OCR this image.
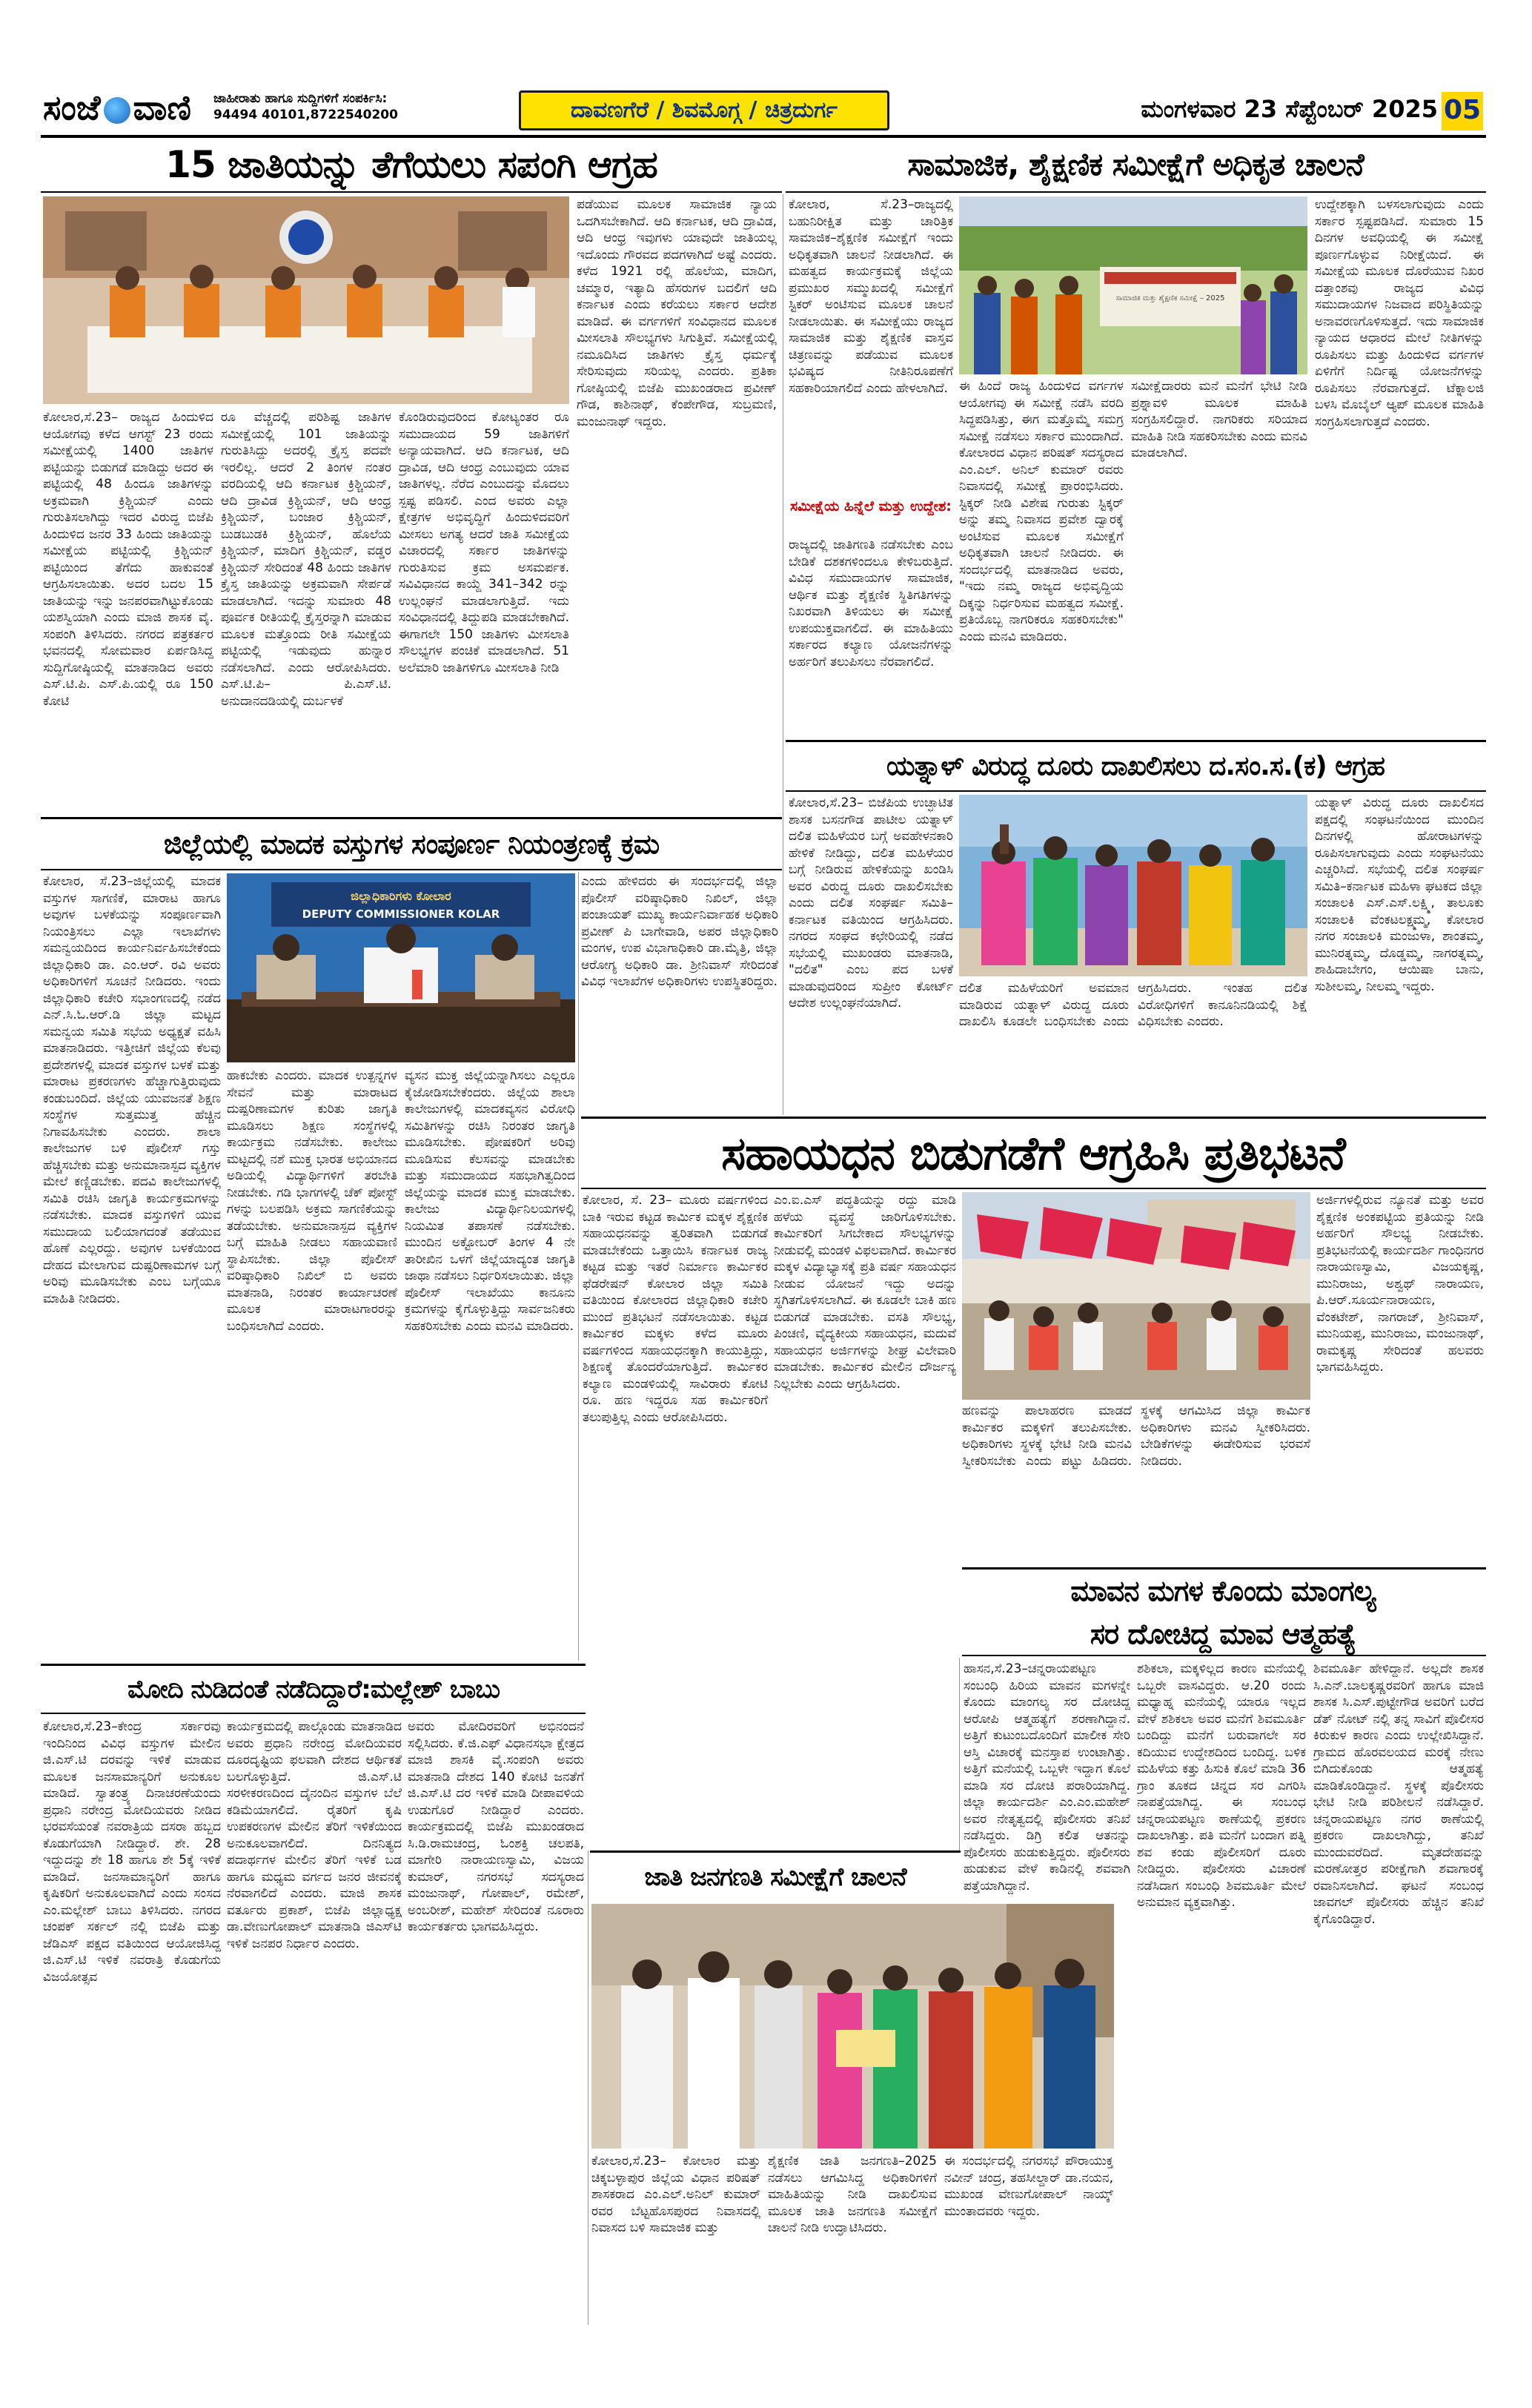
ಸಂಜೆ ವಾಣಿ	ಜಾಹೀರಾತು ಹಾಗೂ ಸುದ್ದಿಗಳಿಗೆ ಸಂಪರ್ಕಿಸಿ:
94494 40101,8722540200	ದಾವಣಗೆರೆ / ಶಿವಮೊಗ್ಗ / ಚಿತ್ರದುರ್ಗ	ಮಂಗಳವಾರ 23 ಸೆಪ್ಟೆಂಬರ್ 2025 05
15 ಜಾತಿಯನ್ನು ತೆಗೆಯಲು ಸಪಂಗಿ ಆಗ್ರಹ
ಕೋಲಾರ,ಸೆ.23– ರಾಜ್ಯದ ಹಿಂದುಳಿದ ಆಯೋಗವು ಕಳೆದ ಆಗಸ್ಟ್ 23 ರಂದು ಸಮೀಕ್ಷೆಯಲ್ಲಿ 1400 ಜಾತಿಗಳ ಪಟ್ಟಿಯನ್ನು ಬಿಡುಗಡೆ ಮಾಡಿದ್ದು ಅದರ ಈ ಪಟ್ಟಿಯಲ್ಲಿ 48 ಹಿಂದೂ ಜಾತಿಗಳನ್ನು ಅಕ್ರಮವಾಗಿ ಕ್ರಿಶ್ಚಿಯನ್ ಎಂದು ಗುರುತಿಸಲಾಗಿದ್ದು ಇದರ ವಿರುದ್ಧ ಬಿಜೆಪಿ ಹಿಂದುಳಿದ ಜನರ 33 ಹಿಂದು ಜಾತಿಯನ್ನು ಸಮೀಕ್ಷೆಯ ಪಟ್ಟಿಯಲ್ಲಿ ಕ್ರಿಶ್ಚಿಯನ್ ಪಟ್ಟಿಯಿಂದ ತೆಗೆದು ಹಾಕುವಂತೆ ಆಗ್ರಹಿಸಲಾಯಿತು. ಅದರ ಬದಲ 15 ಜಾತಿಯನ್ನು ಇನ್ನು ಜನಪರವಾಗಿಟ್ಟುಕೊಂಡು ಯಶಸ್ವಿಯಾಗಿ ಎಂದು ಮಾಜಿ ಶಾಸಕ ವೈ. ಸಂಪಂಗಿ ತಿಳಿಸಿದರು. ನಗರದ ಪತ್ರಕರ್ತರ ಭವನದಲ್ಲಿ ಸೋಮವಾರ ಏರ್ಪಡಿಸಿದ್ದ ಸುದ್ದಿಗೋಷ್ಠಿಯಲ್ಲಿ ಮಾತನಾಡಿದ ಅವರು ಎಸ್.ಟಿ.ಪಿ. ಎಸ್.ಪಿ.ಯಲ್ಲಿ ರೂ 150 ಕೋಟಿ
ರೂ ವೆಚ್ಚದಲ್ಲಿ ಪರಿಶಿಷ್ಟ ಜಾತಿಗಳ ಸಮೀಕ್ಷೆಯಲ್ಲಿ 101 ಜಾತಿಯನ್ನು ಗುರುತಿಸಿದ್ದು ಅದರಲ್ಲಿ ಕ್ರೈಸ್ತ ಪದವೇ ಇರಲಿಲ್ಲ. ಆದರೆ 2 ತಿಂಗಳ ನಂತರ ವರದಿಯಲ್ಲಿ ಆದಿ ಕರ್ನಾಟಕ ಕ್ರಿಶ್ಚಿಯನ್, ಆದಿ ದ್ರಾವಿಡ ಕ್ರಿಶ್ಚಿಯನ್, ಆದಿ ಆಂಧ್ರ ಕ್ರಿಶ್ಚಿಯನ್, ಬಂಜಾರ ಕ್ರಿಶ್ಚಿಯನ್, ಬುಡಬುಡಕಿ ಕ್ರಿಶ್ಚಿಯನ್, ಹೊಲೆಯ ಕ್ರಿಶ್ಚಿಯನ್, ಮಾದಿಗ ಕ್ರಿಶ್ಚಿಯನ್, ವಡ್ಡರ ಕ್ರಿಶ್ಚಿಯನ್ ಸೇರಿದಂತೆ 48 ಹಿಂದು ಜಾತಿಗಳ ಕ್ರೈಸ್ತ ಜಾತಿಯನ್ನು ಅಕ್ರಮವಾಗಿ ಸೇರ್ಪಡೆ ಮಾಡಲಾಗಿದೆ. ಇದನ್ನು ಸುಮಾರು 48 ಪೂರ್ವಕ ರೀತಿಯಲ್ಲಿ ಕ್ರೈಸ್ತರನ್ನಾಗಿ ಮಾಡುವ ಮೂಲಕ ಮತ್ತೊಂದು ರೀತಿ ಸಮೀಕ್ಷೆಯ ಪಟ್ಟಿಯಲ್ಲಿ ಇಡುವುದು ಹುನ್ನಾರ ನಡೆಸಲಾಗಿದೆ. ಎಂದು ಆರೋಪಿಸಿದರು. ಎಸ್.ಟಿ.ಪಿ– ಪಿ.ಎಸ್.ಟಿ. ಅನುದಾನದಡಿಯಲ್ಲಿ ದುರ್ಬಳಕೆ
ಕೊಂಡಿರುವುದರಿಂದ ಕೋಟ್ಯಂತರ ರೂ ಸಮುದಾಯದ 59 ಜಾತಿಗಳಿಗೆ ಅನ್ಯಾಯವಾಗಿದೆ. ಆದಿ ಕರ್ನಾಟಕ, ಆದಿ ದ್ರಾವಿಡ, ಆದಿ ಆಂಧ್ರ ಎಂಬುವುದು ಯಾವ ಜಾತಿಗಳಲ್ಲ. ನೆರೆದ ಎಂಬುದನ್ನು ಮೊದಲು ಸ್ಪಷ್ಟ ಪಡಿಸಲಿ. ಎಂದ ಅವರು ಎಲ್ಲಾ ಕ್ಷೇತ್ರಗಳ ಅಭಿವೃದ್ಧಿಗೆ ಹಿಂದುಳಿದವರಿಗೆ ಮೀಸಲು ಅಗತ್ಯ ಆದರೆ ಜಾತಿ ಸಮೀಕ್ಷೆಯ ವಿಚಾರದಲ್ಲಿ ಸರ್ಕಾರ ಜಾತಿಗಳನ್ನು ಗುರುತಿಸುವ ಕ್ರಮ ಅಸಮರ್ಪಕ. ಸವಿವಿಧಾನದ ಕಾಯ್ದೆ 341–342 ರನ್ನು ಉಲ್ಲಂಘನೆ ಮಾಡಲಾಗುತ್ತಿದೆ. ಇದು ಸಂವಿಧಾನದಲ್ಲಿ ತಿದ್ದುಪಡಿ ಮಾಡಬೇಕಾಗಿದೆ. ಈಗಾಗಲೇ 150 ಜಾತಿಗಳು ಮೀಸಲಾತಿ ಸೌಲಭ್ಯಗಳ ಪಂಚಿಕೆ ಮಾಡಲಾಗಿದೆ. 51 ಅಲೆಮಾರಿ ಜಾತಿಗಳಿಗೂ ಮೀಸಲಾತಿ ನೀಡಿ
ಪಡೆಯುವ ಮೂಲಕ ಸಾಮಾಜಿಕ ನ್ಯಾಯ ಒದಗಿಸಬೇಕಾಗಿದೆ. ಆದಿ ಕರ್ನಾಟಕ, ಆದಿ ದ್ರಾವಿಡ, ಆದಿ ಆಂಧ್ರ ಇವುಗಳು ಯಾವುದೇ ಜಾತಿಯಲ್ಲ ಇದೊಂದು ಗೌರವದ ಪದಗಳಾಗಿದೆ ಅಷ್ಟೆ ಎಂದರು. ಕಳೆದ 1921 ರಲ್ಲಿ ಹೊಲೆಯ, ಮಾದಿಗ, ಚಮ್ಮಾರ, ಇತ್ಯಾದಿ ಹೆಸರುಗಳ ಬದಲಿಗೆ ಆದಿ ಕರ್ನಾಟಕ ಎಂದು ಕರೆಯಲು ಸರ್ಕಾರ ಆದೇಶ ಮಾಡಿದೆ. ಈ ವರ್ಗಗಳಿಗೆ ಸಂವಿಧಾನದ ಮೂಲಕ ಮೀಸಲಾತಿ ಸೌಲಭ್ಯಗಳು ಸಿಗುತ್ತಿವೆ. ಸಮೀಕ್ಷೆಯಲ್ಲಿ ನಮೂದಿಸಿದ ಜಾತಿಗಳು ಕ್ರೈಸ್ತ ಧರ್ಮಕ್ಕೆ ಸೇರಿಸುವುದು ಸರಿಯಲ್ಲ ಎಂದರು. ಪ್ರತಿಕಾ ಗೋಷ್ಠಿಯಲ್ಲಿ ಬಿಜೆಪಿ ಮುಖಂಡರಾದ ಪ್ರವೀಣ್ ಗೌಡ, ಕಾಶಿನಾಥ್, ಕೆಂಪೇಗೌಡ, ಸುಬ್ರಮಣಿ, ಮಂಜುನಾಥ್ ಇದ್ದರು.
ಸಾಮಾಜಿಕ, ಶೈಕ್ಷಣಿಕ ಸಮೀಕ್ಷೆಗೆ ಅಧಿಕೃತ ಚಾಲನೆ
ಕೋಲಾರ, ಸೆ.23–ರಾಜ್ಯದಲ್ಲಿ ಬಹುನಿರೀಕ್ಷಿತ ಮತ್ತು ಚಾರಿತ್ರಿಕ ಸಾಮಾಜಿಕ–ಶೈಕ್ಷಣಿಕ ಸಮೀಕ್ಷೆಗೆ ಇಂದು ಅಧಿಕೃತವಾಗಿ ಚಾಲನೆ ನೀಡಲಾಗಿದೆ. ಈ ಮಹತ್ವದ ಕಾರ್ಯಕ್ರಮಕ್ಕೆ ಜಿಲ್ಲೆಯ ಪ್ರಮುಖರ ಸಮ್ಮುಖದಲ್ಲಿ ಸಮೀಕ್ಷೆಗೆ ಸ್ಟಿಕರ್ ಅಂಟಿಸುವ ಮೂಲಕ ಚಾಲನೆ ನೀಡಲಾಯಿತು. ಈ ಸಮೀಕ್ಷೆಯು ರಾಜ್ಯದ ಸಾಮಾಜಿಕ ಮತ್ತು ಶೈಕ್ಷಣಿಕ ವಾಸ್ತವ ಚಿತ್ರಣವನ್ನು ಪಡೆಯುವ ಮೂಲಕ ಭವಿಷ್ಯದ ನೀತಿನಿರೂಪಣೆಗೆ ಸಹಕಾರಿಯಾಗಲಿದೆ ಎಂದು ಹೇಳಲಾಗಿದೆ.
ಸಮೀಕ್ಷೆಯ ಹಿನ್ನೆಲೆ ಮತ್ತು ಉದ್ದೇಶ:
ರಾಜ್ಯದಲ್ಲಿ ಜಾತಿಗಣತಿ ನಡೆಸಬೇಕು ಎಂಬ ಬೇಡಿಕೆ ದಶಕಗಳಿಂದಲೂ ಕೇಳಿಬರುತ್ತಿದೆ. ವಿವಿಧ ಸಮುದಾಯಗಳ ಸಾಮಾಜಿಕ, ಆರ್ಥಿಕ ಮತ್ತು ಶೈಕ್ಷಣಿಕ ಸ್ಥಿತಿಗತಿಗಳನ್ನು ನಿಖರವಾಗಿ ತಿಳಿಯಲು ಈ ಸಮೀಕ್ಷೆ ಉಪಯುಕ್ತವಾಗಲಿದೆ. ಈ ಮಾಹಿತಿಯು ಸರ್ಕಾರದ ಕಲ್ಯಾಣ ಯೋಜನೆಗಳನ್ನು ಅರ್ಹರಿಗೆ ತಲುಪಿಸಲು ನೆರವಾಗಲಿದೆ.
ಸಾಮಾಜಿಕ ಮತ್ತು ಶೈಕ್ಷಣಿಕ ಸಮೀಕ್ಷೆ – 2025
ಈ ಹಿಂದೆ ರಾಜ್ಯ ಹಿಂದುಳಿದ ವರ್ಗಗಳ ಆಯೋಗವು ಈ ಸಮೀಕ್ಷೆ ನಡೆಸಿ ವರದಿ ಸಿದ್ಧಪಡಿಸಿತ್ತು, ಈಗ ಮತ್ತೊಮ್ಮೆ ಸಮಗ್ರ ಸಮೀಕ್ಷೆ ನಡೆಸಲು ಸರ್ಕಾರ ಮುಂದಾಗಿದೆ. ಕೋಲಾರದ ವಿಧಾನ ಪರಿಷತ್ ಸದಸ್ಯರಾದ ಎಂ.ಎಲ್. ಅನಿಲ್ ಕುಮಾರ್ ರವರು ನಿವಾಸದಲ್ಲಿ ಸಮೀಕ್ಷೆ ಪ್ರಾರಂಭಿಸಿದರು. ಸ್ಟಿಕ್ಕರ್ ನೀಡಿ ವಿಶೇಷ ಗುರುತು ಸ್ಟಿಕ್ಕರ್ ಅನ್ನು ತಮ್ಮ ನಿವಾಸದ ಪ್ರವೇಶ ದ್ವಾರಕ್ಕೆ ಅಂಟಿಸುವ ಮೂಲಕ ಸಮೀಕ್ಷೆಗೆ ಅಧಿಕೃತವಾಗಿ ಚಾಲನೆ ನೀಡಿದರು. ಈ ಸಂದರ್ಭದಲ್ಲಿ ಮಾತನಾಡಿದ ಅವರು, "ಇದು ನಮ್ಮ ರಾಜ್ಯದ ಅಭಿವೃದ್ಧಿಯ ದಿಕ್ಕನ್ನು ನಿರ್ಧರಿಸುವ ಮಹತ್ವದ ಸಮೀಕ್ಷೆ. ಪ್ರತಿಯೊಬ್ಬ ನಾಗರಿಕರೂ ಸಹಕರಿಸಬೇಕು" ಎಂದು ಮನವಿ ಮಾಡಿದರು.
ಸಮೀಕ್ಷೆದಾರರು ಮನೆ ಮನೆಗೆ ಭೇಟಿ ನೀಡಿ ಪ್ರಶ್ನಾವಳಿ ಮೂಲಕ ಮಾಹಿತಿ ಸಂಗ್ರಹಿಸಲಿದ್ದಾರೆ. ನಾಗರಿಕರು ಸರಿಯಾದ ಮಾಹಿತಿ ನೀಡಿ ಸಹಕರಿಸಬೇಕು ಎಂದು ಮನವಿ ಮಾಡಲಾಗಿದೆ.
ಉದ್ದೇಶಕ್ಕಾಗಿ ಬಳಸಲಾಗುವುದು ಎಂದು ಸರ್ಕಾರ ಸ್ಪಷ್ಟಪಡಿಸಿದೆ. ಸುಮಾರು 15 ದಿನಗಳ ಅವಧಿಯಲ್ಲಿ ಈ ಸಮೀಕ್ಷೆ ಪೂರ್ಣಗೊಳ್ಳುವ ನಿರೀಕ್ಷೆಯಿದೆ. ಈ ಸಮೀಕ್ಷೆಯ ಮೂಲಕ ದೊರೆಯುವ ನಿಖರ ದತ್ತಾಂಶವು ರಾಜ್ಯದ ವಿವಿಧ ಸಮುದಾಯಗಳ ನಿಜವಾದ ಪರಿಸ್ಥಿತಿಯನ್ನು ಅನಾವರಣಗೊಳಿಸುತ್ತದೆ. ಇದು ಸಾಮಾಜಿಕ ನ್ಯಾಯದ ಆಧಾರದ ಮೇಲೆ ನೀತಿಗಳನ್ನು ರೂಪಿಸಲು ಮತ್ತು ಹಿಂದುಳಿದ ವರ್ಗಗಳ ಏಳಿಗೆಗೆ ನಿರ್ದಿಷ್ಟ ಯೋಜನೆಗಳನ್ನು ರೂಪಿಸಲು ನೆರವಾಗುತ್ತದೆ. ಟೆಕ್ನಾಲಜಿ ಬಳಸಿ ಮೊಬೈಲ್ ಆ್ಯಪ್ ಮೂಲಕ ಮಾಹಿತಿ ಸಂಗ್ರಹಿಸಲಾಗುತ್ತದೆ ಎಂದರು.
ಯತ್ನಾಳ್ ವಿರುದ್ಧ ದೂರು ದಾಖಲಿಸಲು ದ.ಸಂ.ಸ.(ಕ) ಆಗ್ರಹ
ಕೋಲಾರ,ಸೆ.23– ಬಿಜೆಪಿಯ ಉಚ್ಛಾಟಿತ ಶಾಸಕ ಬಸನಗೌಡ ಪಾಟೀಲ ಯತ್ನಾಳ್ ದಲಿತ ಮಹಿಳೆಯರ ಬಗ್ಗೆ ಅವಹೇಳನಕಾರಿ ಹೇಳಿಕೆ ನೀಡಿದ್ದು, ದಲಿತ ಮಹಿಳೆಯರ ಬಗ್ಗೆ ನೀಡಿರುವ ಹೇಳಿಕೆಯನ್ನು ಖಂಡಿಸಿ ಅವರ ವಿರುದ್ಧ ದೂರು ದಾಖಲಿಸಬೇಕು ಎಂದು ದಲಿತ ಸಂಘರ್ಷ ಸಮಿತಿ– ಕರ್ನಾಟಕ ವತಿಯಿಂದ ಆಗ್ರಹಿಸಿದರು. ನಗರದ ಸಂಘದ ಕಛೇರಿಯಲ್ಲಿ ನಡೆದ ಸಭೆಯಲ್ಲಿ ಮುಖಂಡರು ಮಾತನಾಡಿ, "ದಲಿತ" ಎಂಬ ಪದ ಬಳಕೆ ಮಾಡುವುದರಿಂದ ಸುಪ್ರೀಂ ಕೋರ್ಟ್ ಆದೇಶ ಉಲ್ಲಂಘನೆಯಾಗಿದೆ.
ದಲಿತ ಮಹಿಳೆಯರಿಗೆ ಅವಮಾನ ಮಾಡಿರುವ ಯತ್ನಾಳ್ ವಿರುದ್ಧ ದೂರು ದಾಖಲಿಸಿ ಕೂಡಲೇ ಬಂಧಿಸಬೇಕು ಎಂದು ಆಗ್ರಹಿಸಿದರು. ಇಂತಹ ದಲಿತ ವಿರೋಧಿಗಳಿಗೆ ಕಾನೂನಿನಡಿಯಲ್ಲಿ ಶಿಕ್ಷೆ ವಿಧಿಸಬೇಕು ಎಂದರು.
ಯತ್ನಾಳ್ ವಿರುದ್ಧ ದೂರು ದಾಖಲಿಸದ ಪಕ್ಷದಲ್ಲಿ ಸಂಘಟನೆಯಿಂದ ಮುಂದಿನ ದಿನಗಳಲ್ಲಿ ಹೋರಾಟಗಳನ್ನು ರೂಪಿಸಲಾಗುವುದು ಎಂದು ಸಂಘಟನೆಯು ಎಚ್ಚರಿಸಿದೆ. ಸಭೆಯಲ್ಲಿ ದಲಿತ ಸಂಘರ್ಷ ಸಮಿತಿ–ಕರ್ನಾಟಕ ಮಹಿಳಾ ಘಟಕದ ಜಿಲ್ಲಾ ಸಂಚಾಲಕಿ ಎಸ್.ಎಸ್.ಲಕ್ಷ್ಮಿ, ತಾಲೂಕು ಸಂಚಾಲಕಿ ವೆಂಕಟಲಕ್ಷ್ಮಮ್ಮ, ಕೋಲಾರ ನಗರ ಸಂಚಾಲಕಿ ಮಂಜುಳಾ, ಶಾಂತಮ್ಮ, ಮುನಿರತ್ನಮ್ಮ, ದೊಡ್ಡಮ್ಮ, ನಾಗರತ್ನಮ್ಮ, ಶಾಹಿದಾಬೇಗಂ, ಆಯಿಷಾ ಬಾನು, ಸುಶೀಲಮ್ಮ, ನೀಲಮ್ಮ ಇದ್ದರು.
ಜಿಲ್ಲೆಯಲ್ಲಿ ಮಾದಕ ವಸ್ತುಗಳ ಸಂಪೂರ್ಣ ನಿಯಂತ್ರಣಕ್ಕೆ ಕ್ರಮ
ಕೋಲಾರ, ಸೆ.23–ಜಿಲ್ಲೆಯಲ್ಲಿ ಮಾದಕ ವಸ್ತುಗಳ ಸಾಗಣಿಕೆ, ಮಾರಾಟ ಹಾಗೂ ಅವುಗಳ ಬಳಕೆಯನ್ನು ಸಂಪೂರ್ಣವಾಗಿ ನಿಯಂತ್ರಿಸಲು ಎಲ್ಲಾ ಇಲಾಖೆಗಳು ಸಮನ್ವಯದಿಂದ ಕಾರ್ಯನಿರ್ವಹಿಸಬೇಕೆಂದು ಜಿಲ್ಲಾಧಿಕಾರಿ ಡಾ. ಎಂ.ಆರ್. ರವಿ ಅವರು ಅಧಿಕಾರಿಗಳಿಗೆ ಸೂಚನೆ ನೀಡಿದರು. ಇಂದು ಜಿಲ್ಲಾಧಿಕಾರಿ ಕಚೇರಿ ಸಭಾಂಗಣದಲ್ಲಿ ನಡೆದ ಎನ್.ಸಿ.ಓ.ಆರ್.ಡಿ ಜಿಲ್ಲಾ ಮಟ್ಟದ ಸಮನ್ವಯ ಸಮಿತಿ ಸಭೆಯ ಅಧ್ಯಕ್ಷತೆ ವಹಿಸಿ ಮಾತನಾಡಿದರು. ಇತ್ತೀಚಿಗೆ ಜಿಲ್ಲೆಯ ಕೆಲವು ಪ್ರದೇಶಗಳಲ್ಲಿ ಮಾದಕ ವಸ್ತುಗಳ ಬಳಕೆ ಮತ್ತು ಮಾರಾಟ ಪ್ರಕರಣಗಳು ಹೆಚ್ಚಾಗುತ್ತಿರುವುದು ಕಂಡುಬಂದಿದೆ. ಜಿಲ್ಲೆಯ ಯುವಜನತೆ ಶಿಕ್ಷಣ ಸಂಸ್ಥೆಗಳ ಸುತ್ತಮುತ್ತ ಹೆಚ್ಚಿನ ನಿಗಾವಹಿಸಬೇಕು ಎಂದರು. ಶಾಲಾ ಕಾಲೇಜುಗಳ ಬಳಿ ಪೊಲೀಸ್ ಗಸ್ತು ಹೆಚ್ಚಿಸಬೇಕು ಮತ್ತು ಅನುಮಾನಾಸ್ಪದ ವ್ಯಕ್ತಿಗಳ ಮೇಲೆ ಕಣ್ಣಿಡಬೇಕು. ಪದವಿ ಕಾಲೇಜುಗಳಲ್ಲಿ ಸಮಿತಿ ರಚಿಸಿ ಜಾಗೃತಿ ಕಾರ್ಯಕ್ರಮಗಳನ್ನು ನಡೆಸಬೇಕು. ಮಾದಕ ವಸ್ತುಗಳಿಗೆ ಯುವ ಸಮುದಾಯ ಬಲಿಯಾಗದಂತೆ ತಡೆಯುವ ಹೊಣೆ ಎಲ್ಲರದ್ದು. ಅವುಗಳ ಬಳಕೆಯಿಂದ ದೇಹದ ಮೇಲಾಗುವ ದುಷ್ಪರಿಣಾಮಗಳ ಬಗ್ಗೆ ಅರಿವು ಮೂಡಿಸಬೇಕು ಎಂಬ ಬಗ್ಗೆಯೂ ಮಾಹಿತಿ ನೀಡಿದರು.
ಜಿಲ್ಲಾಧಿಕಾರಿಗಳು ಕೋಲಾರ
DEPUTY COMMISSIONER KOLAR
ಹಾಕಬೇಕು ಎಂದರು. ಮಾದಕ ಉತ್ಪನ್ನಗಳ ಸೇವನೆ ಮತ್ತು ಮಾರಾಟದ ದುಷ್ಪರಿಣಾಮಗಳ ಕುರಿತು ಜಾಗೃತಿ ಮೂಡಿಸಲು ಶಿಕ್ಷಣ ಸಂಸ್ಥೆಗಳಲ್ಲಿ ಕಾರ್ಯಕ್ರಮ ನಡೆಸಬೇಕು. ಕಾಲೇಜು ಮಟ್ಟದಲ್ಲಿ ನಶೆ ಮುಕ್ತ ಭಾರತ ಅಭಿಯಾನದ ಅಡಿಯಲ್ಲಿ ವಿದ್ಯಾರ್ಥಿಗಳಿಗೆ ತರಬೇತಿ ನೀಡಬೇಕು. ಗಡಿ ಭಾಗಗಳಲ್ಲಿ ಚೆಕ್ ಪೋಸ್ಟ್ ಗಳನ್ನು ಬಲಪಡಿಸಿ ಅಕ್ರಮ ಸಾಗಣಿಕೆಯನ್ನು ತಡೆಯಬೇಕು. ಅನುಮಾನಾಸ್ಪದ ವ್ಯಕ್ತಿಗಳ ಬಗ್ಗೆ ಮಾಹಿತಿ ನೀಡಲು ಸಹಾಯವಾಣಿ ಸ್ಥಾಪಿಸಬೇಕು. ಜಿಲ್ಲಾ ಪೊಲೀಸ್ ವರಿಷ್ಠಾಧಿಕಾರಿ ನಿಖಿಲ್ ಬಿ ಅವರು ಮಾತನಾಡಿ, ನಿರಂತರ ಕಾರ್ಯಾಚರಣೆ ಮೂಲಕ ಮಾರಾಟಗಾರರನ್ನು ಬಂಧಿಸಲಾಗಿದೆ ಎಂದರು.
ವ್ಯಸನ ಮುಕ್ತ ಜಿಲ್ಲೆಯನ್ನಾಗಿಸಲು ಎಲ್ಲರೂ ಕೈಜೋಡಿಸಬೇಕೆಂದರು. ಜಿಲ್ಲೆಯ ಶಾಲಾ ಕಾಲೇಜುಗಳಲ್ಲಿ ಮಾದಕವ್ಯಸನ ವಿರೋಧಿ ಸಮಿತಿಗಳನ್ನು ರಚಿಸಿ ನಿರಂತರ ಜಾಗೃತಿ ಮೂಡಿಸಬೇಕು. ಪೋಷಕರಿಗೆ ಅರಿವು ಮೂಡಿಸುವ ಕೆಲಸವನ್ನು ಮಾಡಬೇಕು ಮತ್ತು ಸಮುದಾಯದ ಸಹಭಾಗಿತ್ವದಿಂದ ಜಿಲ್ಲೆಯನ್ನು ಮಾದಕ ಮುಕ್ತ ಮಾಡಬೇಕು. ಕಾಲೇಜು ವಿದ್ಯಾರ್ಥಿನಿಲಯಗಳಲ್ಲಿ ನಿಯಮಿತ ತಪಾಸಣೆ ನಡೆಸಬೇಕು. ಮುಂದಿನ ಅಕ್ಟೋಬರ್ ತಿಂಗಳ 4 ನೇ ತಾರೀಖಿನ ಒಳಗೆ ಜಿಲ್ಲೆಯಾದ್ಯಂತ ಜಾಗೃತಿ ಜಾಥಾ ನಡೆಸಲು ನಿರ್ಧರಿಸಲಾಯಿತು. ಜಿಲ್ಲಾ ಪೊಲೀಸ್ ಇಲಾಖೆಯು ಕಾನೂನು ಕ್ರಮಗಳನ್ನು ಕೈಗೊಳ್ಳುತ್ತಿದ್ದು ಸಾರ್ವಜನಿಕರು ಸಹಕರಿಸಬೇಕು ಎಂದು ಮನವಿ ಮಾಡಿದರು.
ಎಂದು ಹೇಳಿದರು ಈ ಸಂದರ್ಭದಲ್ಲಿ ಜಿಲ್ಲಾ ಪೊಲೀಸ್ ವರಿಷ್ಠಾಧಿಕಾರಿ ನಿಖಿಲ್, ಜಿಲ್ಲಾ ಪಂಚಾಯತ್ ಮುಖ್ಯ ಕಾರ್ಯನಿರ್ವಾಹಕ ಅಧಿಕಾರಿ ಪ್ರವೀಣ್ ಪಿ ಬಾಗೇವಾಡಿ, ಅಪರ ಜಿಲ್ಲಾಧಿಕಾರಿ ಮಂಗಳ, ಉಪ ವಿಭಾಗಾಧಿಕಾರಿ ಡಾ.ಮೈತ್ರಿ, ಜಿಲ್ಲಾ ಆರೋಗ್ಯ ಅಧಿಕಾರಿ ಡಾ. ಶ್ರೀನಿವಾಸ್ ಸೇರಿದಂತೆ ವಿವಿಧ ಇಲಾಖೆಗಳ ಅಧಿಕಾರಿಗಳು ಉಪಸ್ಥಿತರಿದ್ದರು.
ಸಹಾಯಧನ ಬಿಡುಗಡೆಗೆ ಆಗ್ರಹಿಸಿ ಪ್ರತಿಭಟನೆ
ಕೋಲಾರ, ಸೆ. 23– ಮೂರು ವರ್ಷಗಳಿಂದ ಬಾಕಿ ಇರುವ ಕಟ್ಟಡ ಕಾರ್ಮಿಕ ಮಕ್ಕಳ ಶೈಕ್ಷಣಿಕ ಸಹಾಯಧನವನ್ನು ತ್ವರಿತವಾಗಿ ಬಿಡುಗಡೆ ಮಾಡಬೇಕೆಂದು ಒತ್ತಾಯಿಸಿ ಕರ್ನಾಟಕ ರಾಜ್ಯ ಕಟ್ಟಡ ಮತ್ತು ಇತರೆ ನಿರ್ಮಾಣ ಕಾರ್ಮಿಕರ ಫೆಡರೇಷನ್ ಕೋಲಾರ ಜಿಲ್ಲಾ ಸಮಿತಿ ವತಿಯಿಂದ ಕೋಲಾರದ ಜಿಲ್ಲಾಧಿಕಾರಿ ಕಚೇರಿ ಮುಂದೆ ಪ್ರತಿಭಟನೆ ನಡೆಸಲಾಯಿತು. ಕಟ್ಟಡ ಕಾರ್ಮಿಕರ ಮಕ್ಕಳು ಕಳೆದ ಮೂರು ವರ್ಷಗಳಿಂದ ಸಹಾಯಧನಕ್ಕಾಗಿ ಕಾಯುತ್ತಿದ್ದು, ಶಿಕ್ಷಣಕ್ಕೆ ತೊಂದರೆಯಾಗುತ್ತಿದೆ. ಕಾರ್ಮಿಕರ ಕಲ್ಯಾಣ ಮಂಡಳಿಯಲ್ಲಿ ಸಾವಿರಾರು ಕೋಟಿ ರೂ. ಹಣ ಇದ್ದರೂ ಸಹ ಕಾರ್ಮಿಕರಿಗೆ ತಲುಪುತ್ತಿಲ್ಲ ಎಂದು ಆರೋಪಿಸಿದರು.
ಎಂ.ಐ.ಎಸ್ ಪದ್ಧತಿಯನ್ನು ರದ್ದು ಮಾಡಿ ಹಳೆಯ ವ್ಯವಸ್ಥೆ ಜಾರಿಗೊಳಿಸಬೇಕು. ಕಾರ್ಮಿಕರಿಗೆ ಸಿಗಬೇಕಾದ ಸೌಲಭ್ಯಗಳನ್ನು ನೀಡುವಲ್ಲಿ ಮಂಡಳಿ ವಿಫಲವಾಗಿದೆ. ಕಾರ್ಮಿಕರ ಮಕ್ಕಳ ವಿದ್ಯಾಭ್ಯಾಸಕ್ಕೆ ಪ್ರತಿ ವರ್ಷ ಸಹಾಯಧನ ನೀಡುವ ಯೋಜನೆ ಇದ್ದು ಅದನ್ನು ಸ್ಥಗಿತಗೊಳಿಸಲಾಗಿದೆ. ಈ ಕೂಡಲೇ ಬಾಕಿ ಹಣ ಬಿಡುಗಡೆ ಮಾಡಬೇಕು. ವಸತಿ ಸೌಲಭ್ಯ, ಪಿಂಚಣಿ, ವೈದ್ಯಕೀಯ ಸಹಾಯಧನ, ಮದುವೆ ಸಹಾಯಧನ ಅರ್ಜಿಗಳನ್ನು ಶೀಘ್ರ ವಿಲೇವಾರಿ ಮಾಡಬೇಕು. ಕಾರ್ಮಿಕರ ಮೇಲಿನ ದೌರ್ಜನ್ಯ ನಿಲ್ಲಬೇಕು ಎಂದು ಆಗ್ರಹಿಸಿದರು.
ಹಣವನ್ನು ಪಾಲಾಹರಣ ಮಾಡದೆ ಕಾರ್ಮಿಕರ ಮಕ್ಕಳಿಗೆ ತಲುಪಿಸಬೇಕು. ಅಧಿಕಾರಿಗಳು ಸ್ಥಳಕ್ಕೆ ಭೇಟಿ ನೀಡಿ ಮನವಿ ಸ್ವೀಕರಿಸಬೇಕು ಎಂದು ಪಟ್ಟು ಹಿಡಿದರು. ಸ್ಥಳಕ್ಕೆ ಆಗಮಿಸಿದ ಜಿಲ್ಲಾ ಕಾರ್ಮಿಕ ಅಧಿಕಾರಿಗಳು ಮನವಿ ಸ್ವೀಕರಿಸಿದರು. ಬೇಡಿಕೆಗಳನ್ನು ಈಡೇರಿಸುವ ಭರವಸೆ ನೀಡಿದರು.
ಅರ್ಜಿಗಳಲ್ಲಿರುವ ನ್ಯೂನತೆ ಮತ್ತು ಅವರ ಶೈಕ್ಷಣಿಕ ಅಂಕಪಟ್ಟಿಯ ಪ್ರತಿಯನ್ನು ನೀಡಿ ಅರ್ಹರಿಗೆ ಸೌಲಭ್ಯ ನೀಡಬೇಕು. ಪ್ರತಿಭಟನೆಯಲ್ಲಿ ಕಾರ್ಯದರ್ಶಿ ಗಾಂಧಿನಗರ ನಾರಾಯಣಸ್ವಾಮಿ, ವಿಜಯಕೃಷ್ಣ, ಮುನಿರಾಜು, ಅಶ್ವಥ್ ನಾರಾಯಣ, ಪಿ.ಆರ್.ಸೂರ್ಯನಾರಾಯಣ, ವೆಂಕಟೇಶ್, ನಾಗರಾಜ್, ಶ್ರೀನಿವಾಸ್, ಮುನಿಯಪ್ಪ, ಮುನಿರಾಜು, ಮಂಜುನಾಥ್, ರಾಮಕೃಷ್ಣ ಸೇರಿದಂತೆ ಹಲವರು ಭಾಗವಹಿಸಿದ್ದರು.
ಮಾವನ ಮಗಳ ಕೊಂದು ಮಾಂಗಲ್ಯ
ಸರ ದೋಚಿದ್ದ ಮಾವ ಆತ್ಮಹತ್ಯೆ
ಹಾಸನ,ಸೆ.23–ಚನ್ನರಾಯಪಟ್ಟಣ ಸಂಬಂಧಿ ಹಿರಿಯ ಮಾವನ ಮಗಳನ್ನೇ ಕೊಂದು ಮಾಂಗಲ್ಯ ಸರ ದೋಚಿದ್ದ ಆರೋಪಿ ಆತ್ಮಹತ್ಯೆಗೆ ಶರಣಾಗಿದ್ದಾನೆ. ಅತ್ತಿಗೆ ಕುಟುಂಬದೊಂದಿಗೆ ಮಾಲೀಕ ಸೇರಿ ಆಸ್ತಿ ವಿಚಾರಕ್ಕೆ ಮನಸ್ತಾಪ ಉಂಟಾಗಿತ್ತು. ಅತ್ತಿಗೆ ಮನೆಯಲ್ಲಿ ಒಬ್ಬಳೇ ಇದ್ದಾಗ ಕೊಲೆ ಮಾಡಿ ಸರ ದೋಚಿ ಪರಾರಿಯಾಗಿದ್ದ. ಜಿಲ್ಲಾ ಕಾರ್ಯದರ್ಶಿ ಎಂ.ಎಂ.ಮಹೇಶ್ ಅವರ ನೇತೃತ್ವದಲ್ಲಿ ಪೊಲೀಸರು ತನಿಖೆ ನಡೆಸಿದ್ದರು. ಡಿಗ್ರಿ ಕಲಿತ ಆತನನ್ನು ಪೊಲೀಸರು ಹುಡುಕುತ್ತಿದ್ದರು. ಪೊಲೀಸರು ಹುಡುಕುವ ವೇಳೆ ಕಾಡಿನಲ್ಲಿ ಶವವಾಗಿ ಪತ್ತೆಯಾಗಿದ್ದಾನೆ.
ಶಶಿಕಲಾ, ಮಕ್ಕಳಿಲ್ಲದ ಕಾರಣ ಮನೆಯಲ್ಲಿ ಒಬ್ಬರೇ ವಾಸವಿದ್ದರು. ಆ.20 ರಂದು ಮಧ್ಯಾಹ್ನ ಮನೆಯಲ್ಲಿ ಯಾರೂ ಇಲ್ಲದ ವೇಳೆ ಶಶಿಕಲಾ ಅವರ ಮನೆಗೆ ಶಿವಮೂರ್ತಿ ಬಂದಿದ್ದು ಮನೆಗೆ ಬರುವಾಗಲೇ ಸರ ಕದಿಯುವ ಉದ್ದೇಶದಿಂದ ಬಂದಿದ್ದ. ಬಳಿಕ ಮಹಿಳೆಯ ಕತ್ತು ಹಿಸುಕಿ ಕೊಲೆ ಮಾಡಿ 36 ಗ್ರಾಂ ತೂಕದ ಚಿನ್ನದ ಸರ ಎಗರಿಸಿ ನಾಪತ್ತೆಯಾಗಿದ್ದ. ಈ ಸಂಬಂಧ ಚನ್ನರಾಯಪಟ್ಟಣ ಠಾಣೆಯಲ್ಲಿ ಪ್ರಕರಣ ದಾಖಲಾಗಿತ್ತು. ಪತಿ ಮನೆಗೆ ಬಂದಾಗ ಪತ್ನಿ ಶವ ಕಂಡು ಪೊಲೀಸರಿಗೆ ದೂರು ನೀಡಿದ್ದರು. ಪೊಲೀಸರು ವಿಚಾರಣೆ ನಡೆಸಿದಾಗ ಸಂಬಂಧಿ ಶಿವಮೂರ್ತಿ ಮೇಲೆ ಅನುಮಾನ ವ್ಯಕ್ತವಾಗಿತ್ತು.
ಶಿವಮೂರ್ತಿ ಹೇಳಿದ್ದಾನೆ. ಅಲ್ಲದೇ ಶಾಸಕ ಸಿ.ಎನ್.ಬಾಲಕೃಷ್ಣರವರಿಗೆ ಹಾಗೂ ಮಾಜಿ ಶಾಸಕ ಸಿ.ಎಸ್.ಪುಟ್ಟೇಗೌಡ ಅವರಿಗೆ ಬರೆದ ಡೆತ್ ನೋಟ್ ನಲ್ಲಿ ತನ್ನ ಸಾವಿಗೆ ಪೊಲೀಸರ ಕಿರುಕುಳ ಕಾರಣ ಎಂದು ಉಲ್ಲೇಖಿಸಿದ್ದಾನೆ. ಗ್ರಾಮದ ಹೊರವಲಯದ ಮರಕ್ಕೆ ನೇಣು ಬಿಗಿದುಕೊಂಡು ಆತ್ಮಹತ್ಯೆ ಮಾಡಿಕೊಂಡಿದ್ದಾನೆ. ಸ್ಥಳಕ್ಕೆ ಪೊಲೀಸರು ಭೇಟಿ ನೀಡಿ ಪರಿಶೀಲನೆ ನಡೆಸಿದ್ದಾರೆ. ಚನ್ನರಾಯಪಟ್ಟಣ ನಗರ ಠಾಣೆಯಲ್ಲಿ ಪ್ರಕರಣ ದಾಖಲಾಗಿದ್ದು, ತನಿಖೆ ಮುಂದುವರೆದಿದೆ. ಮೃತದೇಹವನ್ನು ಮರಣೋತ್ತರ ಪರೀಕ್ಷೆಗಾಗಿ ಶವಾಗಾರಕ್ಕೆ ರವಾನಿಸಲಾಗಿದೆ. ಘಟನೆ ಸಂಬಂಧ ಜಾವಗಲ್ ಪೊಲೀಸರು ಹೆಚ್ಚಿನ ತನಿಖೆ ಕೈಗೊಂಡಿದ್ದಾರೆ.
ಮೋದಿ ನುಡಿದಂತೆ ನಡೆದಿದ್ದಾರೆ:ಮಲ್ಲೇಶ್ ಬಾಬು
ಕೋಲಾರ,ಸೆ.23–ಕೇಂದ್ರ ಸರ್ಕಾರವು ಇಂದಿನಿಂದ ವಿವಿಧ ವಸ್ತುಗಳ ಮೇಲಿನ ಜಿ.ಎಸ್.ಟಿ ದರವನ್ನು ಇಳಿಕೆ ಮಾಡುವ ಮೂಲಕ ಜನಸಾಮಾನ್ಯರಿಗೆ ಅನುಕೂಲ ಮಾಡಿದೆ. ಸ್ವಾತಂತ್ರ್ಯ ದಿನಾಚರಣೆಯಂದು ಪ್ರಧಾನಿ ನರೇಂದ್ರ ಮೋದಿಯವರು ನೀಡಿದ ಭರವಸೆಯಂತೆ ನವರಾತ್ರಿಯ ದಸರಾ ಹಬ್ಬದ ಕೊಡುಗೆಯಾಗಿ ನೀಡಿದ್ದಾರೆ. ಶೇ. 28 ಇದ್ದುದನ್ನು ಶೇ 18 ಹಾಗೂ ಶೇ 5ಕ್ಕೆ ಇಳಿಕೆ ಮಾಡಿದೆ. ಜನಸಾಮಾನ್ಯರಿಗೆ ಹಾಗೂ ಕೃಷಿಕರಿಗೆ ಅನುಕೂಲವಾಗಿದೆ ಎಂದು ಸಂಸದ ಎಂ.ಮಲ್ಲೇಶ್ ಬಾಬು ತಿಳಿಸಿದರು. ನಗರದ ಚಂಪಕ್ ಸರ್ಕಲ್ ನಲ್ಲಿ ಬಿಜೆಪಿ ಮತ್ತು ಜೆಡಿಎಸ್ ಪಕ್ಷದ ವತಿಯಿಂದ ಆಯೋಜಿಸಿದ್ದ ಜಿ.ಎಸ್.ಟಿ ಇಳಿಕೆ ನವರಾತ್ರಿ ಕೊಡುಗೆಯ ವಿಜಯೋತ್ಸವ
ಕಾರ್ಯಕ್ರಮದಲ್ಲಿ ಪಾಲ್ಗೊಂಡು ಮಾತನಾಡಿದ ಅವರು ಪ್ರಧಾನಿ ನರೇಂದ್ರ ಮೋದಿಯವರ ದೂರದೃಷ್ಟಿಯ ಫಲವಾಗಿ ದೇಶದ ಆರ್ಥಿಕತೆ ಬಲಗೊಳ್ಳುತ್ತಿದೆ. ಜಿ.ಎಸ್.ಟಿ ಸರಳೀಕರಣದಿಂದ ದೈನಂದಿನ ವಸ್ತುಗಳ ಬೆಲೆ ಕಡಿಮೆಯಾಗಲಿದೆ. ರೈತರಿಗೆ ಕೃಷಿ ಉಪಕರಣಗಳ ಮೇಲಿನ ತೆರಿಗೆ ಇಳಿಕೆಯಿಂದ ಅನುಕೂಲವಾಗಲಿದೆ. ದಿನನಿತ್ಯದ ಪದಾರ್ಥಗಳ ಮೇಲಿನ ತೆರಿಗೆ ಇಳಿಕೆ ಬಡ ಹಾಗೂ ಮಧ್ಯಮ ವರ್ಗದ ಜನರ ಜೀವನಕ್ಕೆ ನೆರವಾಗಲಿದೆ ಎಂದರು. ಮಾಜಿ ಶಾಸಕ ವರ್ತೂರು ಪ್ರಕಾಶ್, ಬಿಜೆಪಿ ಜಿಲ್ಲಾಧ್ಯಕ್ಷ ಡಾ.ವೇಣುಗೋಪಾಲ್ ಮಾತನಾಡಿ ಜಿಎಸ್‌ಟಿ ಇಳಿಕೆ ಜನಪರ ನಿರ್ಧಾರ ಎಂದರು.
ಅವರು ಮೋದಿರವರಿಗೆ ಅಭಿನಂದನೆ ಸಲ್ಲಿಸಿದರು. ಕೆ.ಜಿ.ಎಫ್ ವಿಧಾನಸಭಾ ಕ್ಷೇತ್ರದ ಮಾಜಿ ಶಾಸಕಿ ವೈ.ಸಂಪಂಗಿ ಅವರು ಮಾತನಾಡಿ ದೇಶದ 140 ಕೋಟಿ ಜನತೆಗೆ ಜಿ.ಎಸ್.ಟಿ ದರ ಇಳಿಕೆ ಮಾಡಿ ದೀಪಾವಳಿಯ ಉಡುಗೊರೆ ನೀಡಿದ್ದಾರೆ ಎಂದರು. ಕಾರ್ಯಕ್ರಮದಲ್ಲಿ ಬಿಜೆಪಿ ಮುಖಂಡರಾದ ಸಿ.ಡಿ.ರಾಮಚಂದ್ರ, ಓಂಶಕ್ತಿ ಚಲಪತಿ, ಮಾಗೇರಿ ನಾರಾಯಣಸ್ವಾಮಿ, ವಿಜಯ ಕುಮಾರ್, ನಗರಸಭೆ ಸದಸ್ಯರಾದ ಮಂಜುನಾಥ್, ಗೋಪಾಲ್, ರಮೇಶ್, ಅಂಬರೀಶ್, ಮಹೇಶ್ ಸೇರಿದಂತೆ ನೂರಾರು ಕಾರ್ಯಕರ್ತರು ಭಾಗವಹಿಸಿದ್ದರು.
ಜಾತಿ ಜನಗಣತಿ ಸಮೀಕ್ಷೆಗೆ ಚಾಲನೆ
ಕೋಲಾರ,ಸೆ.23– ಕೋಲಾರ ಮತ್ತು ಚಿಕ್ಕಬಳ್ಳಾಪುರ ಜಿಲ್ಲೆಯ ವಿಧಾನ ಪರಿಷತ್ ಶಾಸಕರಾದ ಎಂ.ಎಲ್.ಅನಿಲ್ ಕುಮಾರ್ ರವರ ಬೆಟ್ಟಹೊಸಪುರದ ನಿವಾಸದಲ್ಲಿ ನಿವಾಸದ ಬಳಿ ಸಾಮಾಜಿಕ ಮತ್ತು
ಶೈಕ್ಷಣಿಕ ಜಾತಿ ಜನಗಣತಿ–2025 ನಡೆಸಲು ಆಗಮಿಸಿದ್ದ ಅಧಿಕಾರಿಗಳಿಗೆ ಮಾಹಿತಿಯನ್ನು ನೀಡಿ ದಾಖಲಿಸುವ ಮೂಲಕ ಜಾತಿ ಜನಗಣತಿ ಸಮೀಕ್ಷೆಗೆ ಚಾಲನೆ ನೀಡಿ ಉದ್ಘಾಟಿಸಿದರು.
ಈ ಸಂದರ್ಭದಲ್ಲಿ ನಗರಸಭೆ ಪೌರಾಯುಕ್ತ ನವೀನ್ ಚಂದ್ರ, ತಹಸೀಲ್ದಾರ್ ಡಾ.ನಯನ, ಮುಖಂಡ ವೇಣುಗೋಪಾಲ್ ನಾಯ್ಕ್ ಮುಂತಾದವರು ಇದ್ದರು.
